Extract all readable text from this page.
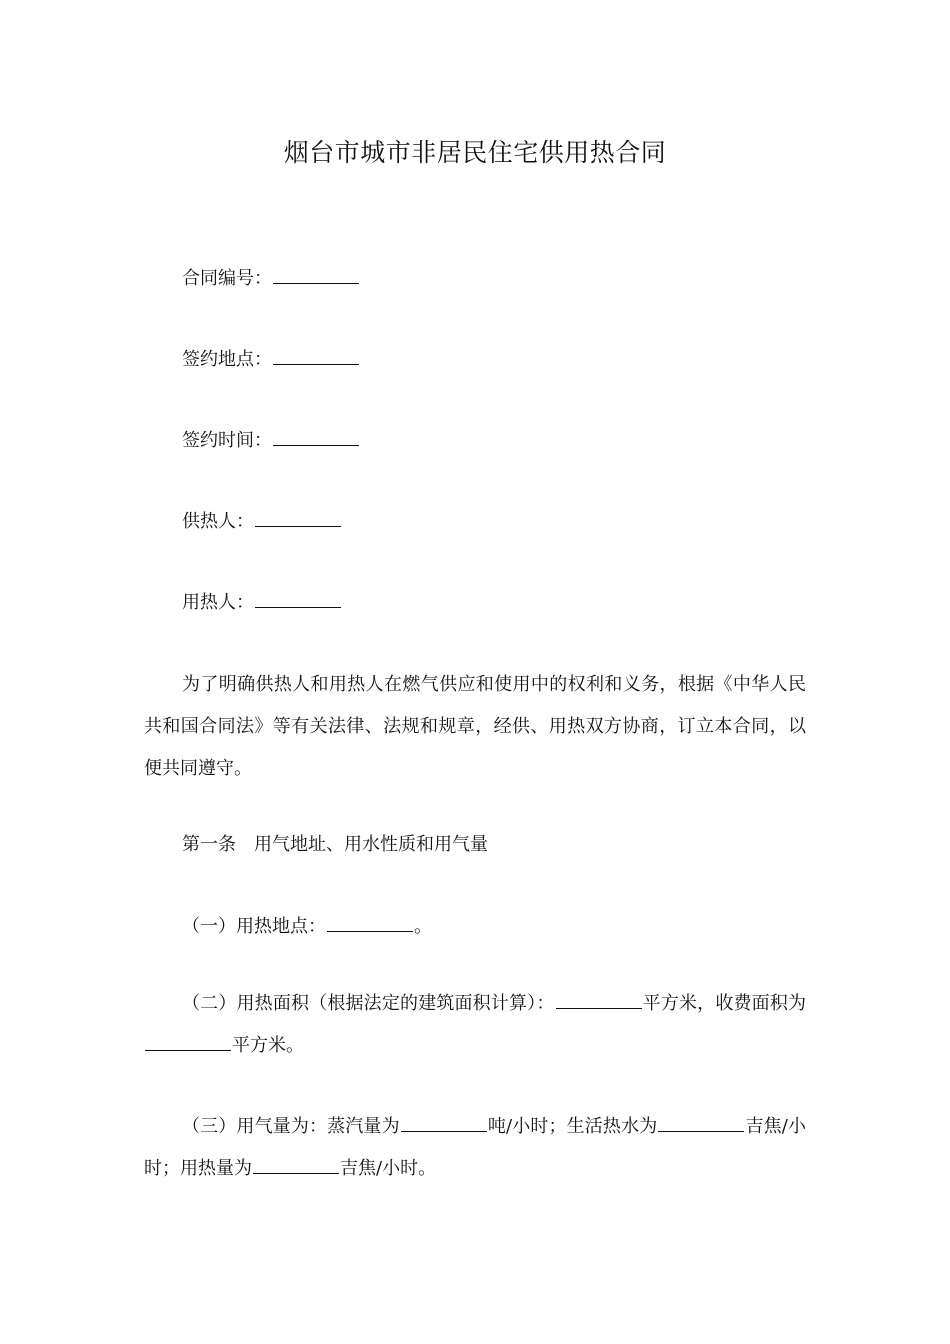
烟台市城市非居民住宅供用热合同
合同编号：
签约地点：
签约时间：
供热人：
用热人：
为了明确供热人和用热人在燃气供应和使用中的权利和义务，根据《中华人民共和国合同法》等有关法律、法规和规章，经供、用热双方协商，订立本合同，以便共同遵守。
第一条　用气地址、用水性质和用气量
（一）用热地点：	。
（二）用热面积（根据法定的建筑面积计算）：	平方米，收费面积为平方米。
（三）用气量为：蒸汽量为	吨/小时；生活热水为	吉焦/小时；用热量为	吉焦/小时。
